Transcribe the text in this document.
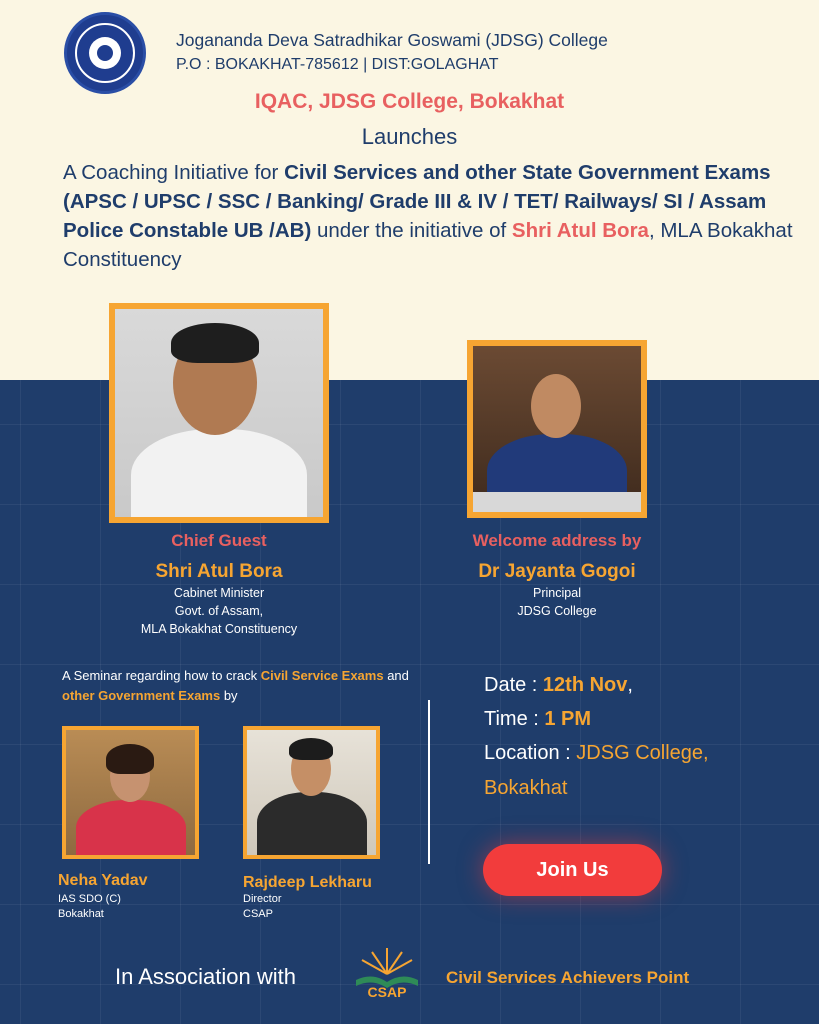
Jogananda Deva Satradhikar Goswami (JDSG) College
P.O : BOKAKHAT-785612 | DIST:GOLAGHAT
IQAC, JDSG College, Bokakhat
Launches
A Coaching Initiative for Civil Services and other State Government Exams (APSC / UPSC / SSC / Banking/ Grade III & IV / TET/ Railways/ SI / Assam Police Constable UB /AB) under the initiative of Shri Atul Bora, MLA Bokakhat Constituency
Chief Guest
Shri Atul Bora
Cabinet Minister
Govt. of Assam,
MLA Bokakhat Constituency
Welcome address by
Dr Jayanta Gogoi
Principal
JDSG College
A Seminar regarding how to crack Civil Service Exams and other Government Exams by
Neha Yadav
IAS SDO (C)
Bokakhat
Rajdeep Lekharu
Director
CSAP
Date : 12th Nov,
Time : 1 PM
Location : JDSG College,
Bokakhat
Join Us
In Association with
CSAP
Civil Services Achievers Point
